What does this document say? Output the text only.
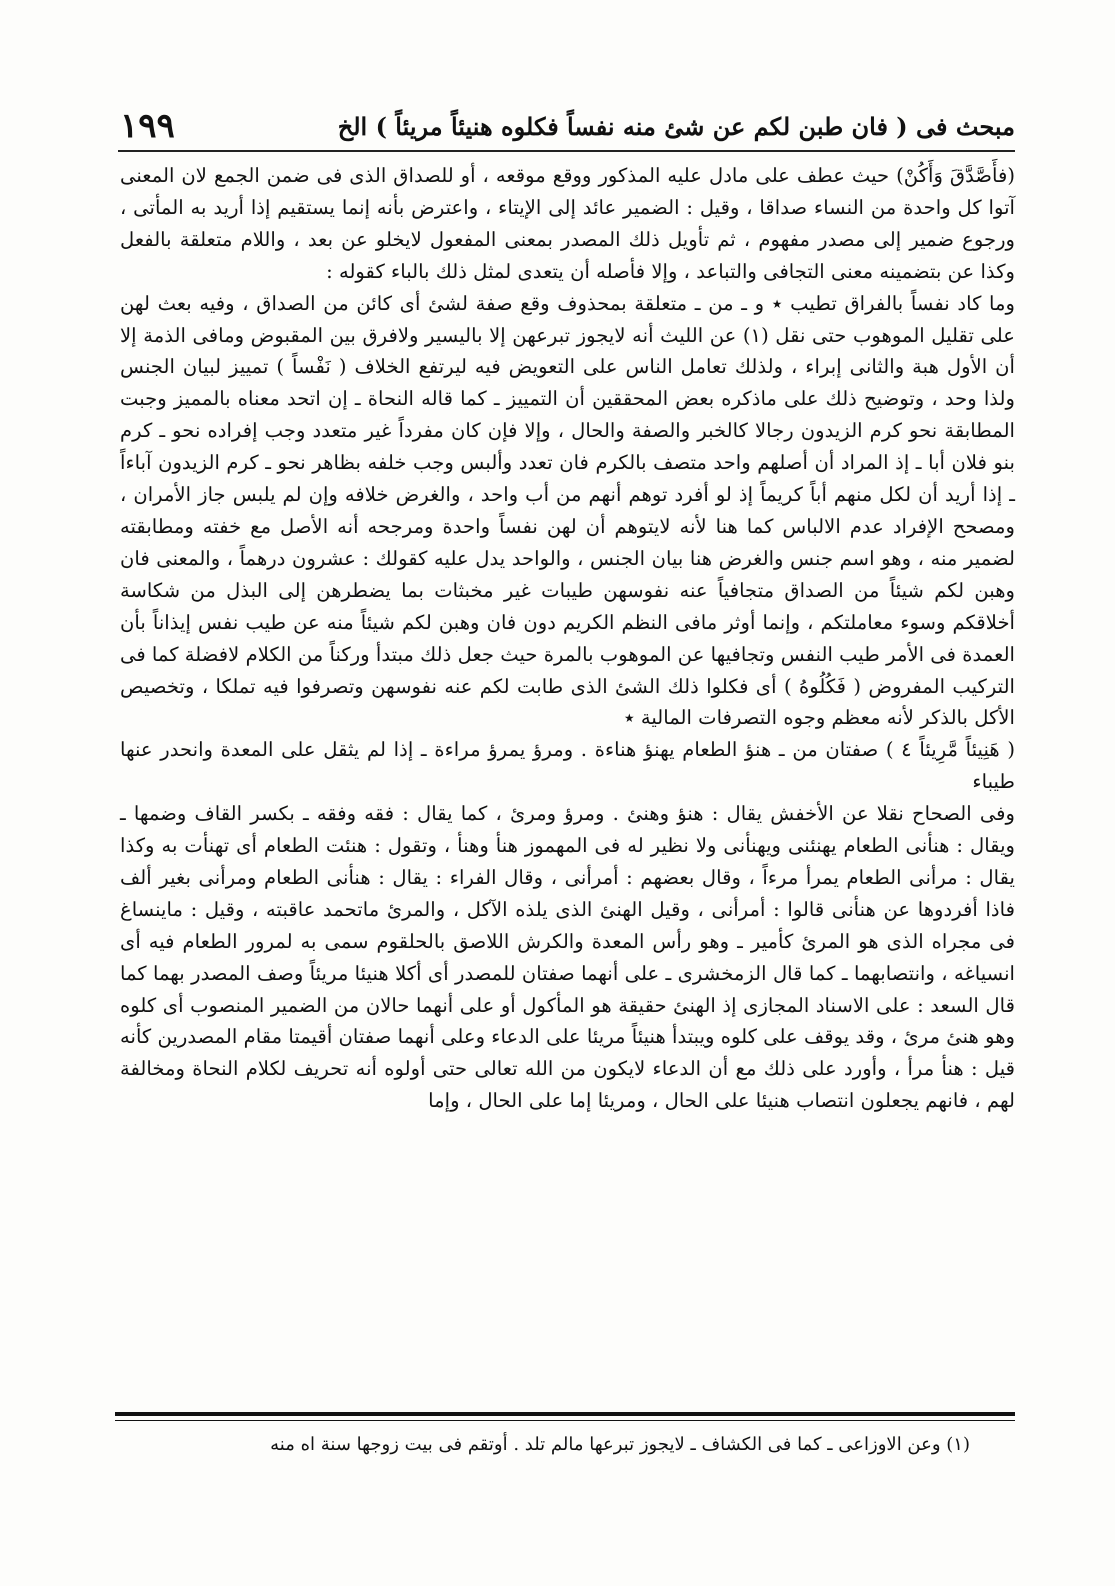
مبحث فى ( فان طبن لكم عن شئ منه نفساً فكلوه هنيئاً مريئاً ) الخ
١٩٩

(فأَصَّدَّقَ وَأَكُنْ) حيث عطف على مادل عليه المذكور ووقع موقعه ، أو للصداق الذى فى ضمن الجمع لان المعنى آتوا كل واحدة من النساء صداقا ، وقيل : الضمير عائد إلى الإيتاء ، واعترض بأنه إنما يستقيم إذا أريد به المأتى ، ورجوع ضمير إلى مصدر مفهوم ، ثم تأويل ذلك المصدر بمعنى المفعول لايخلو عن بعد ، واللام متعلقة بالفعل وكذا عن بتضمينه معنى التجافى والتباعد ، وإلا فأصله أن يتعدى لمثل ذلك بالباء كقوله :

وما كاد نفساً بالفراق تطيب ٭ و ـ من ـ متعلقة بمحذوف وقع صفة لشئ أى كائن من الصداق ، وفيه بعث لهن على تقليل الموهوب حتى نقل (١) عن الليث أنه لايجوز تبرعهن إلا باليسير ولافرق بين المقبوض ومافى الذمة إلا أن الأول هبة والثانى إبراء ، ولذلك تعامل الناس على التعويض فيه ليرتفع الخلاف ( نَفْساً ) تمييز لبيان الجنس ولذا وحد ، وتوضيح ذلك على ماذكره بعض المحققين أن التمييز ـ كما قاله النحاة ـ إن اتحد معناه بالمميز وجبت المطابقة نحو كرم الزيدون رجالا كالخبر والصفة والحال ، وإلا فإن كان مفرداً غير متعدد وجب إفراده نحو ـ كرم بنو فلان أبا ـ إذ المراد أن أصلهم واحد متصف بالكرم فان تعدد وألبس وجب خلفه بظاهر نحو ـ كرم الزيدون آباءاً ـ إذا أريد أن لكل منهم أباً كريماً إذ لو أفرد توهم أنهم من أب واحد ، والغرض خلافه وإن لم يلبس جاز الأمران ، ومصحح الإفراد عدم الالباس كما هنا لأنه لايتوهم أن لهن نفساً واحدة ومرجحه أنه الأصل مع خفته ومطابقته لضمير منه ، وهو اسم جنس والغرض هنا بيان الجنس ، والواحد يدل عليه كقولك : عشرون درهماً ، والمعنى فان وهبن لكم شيئاً من الصداق متجافياً عنه نفوسهن طيبات غير مخبثات بما يضطرهن إلى البذل من شكاسة أخلاقكم وسوء معاملتكم ، وإنما أوثر مافى النظم الكريم دون فان وهبن لكم شيئاً منه عن طيب نفس إيذاناً بأن العمدة فى الأمر طيب النفس وتجافيها عن الموهوب بالمرة حيث جعل ذلك مبتدأ وركناً من الكلام لافضلة كما فى التركيب المفروض ( فَكُلُوهُ ) أى فكلوا ذلك الشئ الذى طابت لكم عنه نفوسهن وتصرفوا فيه تملكا ، وتخصيص الأكل بالذكر لأنه معظم وجوه التصرفات المالية ٭

( هَنِيئاً مَّرِيئاً ٤ ) صفتان من ـ هنؤ الطعام يهنؤ هناءة . ومرؤ يمرؤ مراءة ـ إذا لم يثقل على المعدة وانحدر عنها طيباء

وفى الصحاح نقلا عن الأخفش يقال : هنؤ وهنئ . ومرؤ ومرئ ، كما يقال : فقه وفقه ـ بكسر القاف وضمها ـ ويقال : هنأنى الطعام يهنئنى ويهنأنى ولا نظير له فى المهموز هنأ وهنأ ، وتقول : هنئت الطعام أى تهنأت به وكذا يقال : مرأنى الطعام يمرأ مرءاً ، وقال بعضهم : أمرأنى ، وقال الفراء : يقال : هنأنى الطعام ومرأنى بغير ألف فاذا أفردوها عن هنأنى قالوا : أمرأنى ، وقيل الهنئ الذى يلذه الآكل ، والمرئ ماتحمد عاقبته ، وقيل : ماينساغ فى مجراه الذى هو المرئ كأمير ـ وهو رأس المعدة والكرش اللاصق بالحلقوم سمى به لمرور الطعام فيه أى انسياغه ، وانتصابهما ـ كما قال الزمخشرى ـ على أنهما صفتان للمصدر أى أكلا هنيئا مريئاً وصف المصدر بهما كما قال السعد : على الاسناد المجازى إذ الهنئ حقيقة هو المأكول أو على أنهما حالان من الضمير المنصوب أى كلوه وهو هنئ مرئ ، وقد يوقف على كلوه ويبتدأ هنيئاً مريئا على الدعاء وعلى أنهما صفتان أقيمتا مقام المصدرين كأنه قيل : هنأ مرأ ، وأورد على ذلك مع أن الدعاء لايكون من الله تعالى حتى أولوه أنه تحريف لكلام النحاة ومخالفة لهم ، فانهم يجعلون انتصاب هنيئا على الحال ، ومريئا إما على الحال ، وإما

(١) وعن الاوزاعى ـ كما فى الكشاف ـ لايجوز تبرعها مالم تلد . أوتقم فى بيت زوجها سنة اه منه
